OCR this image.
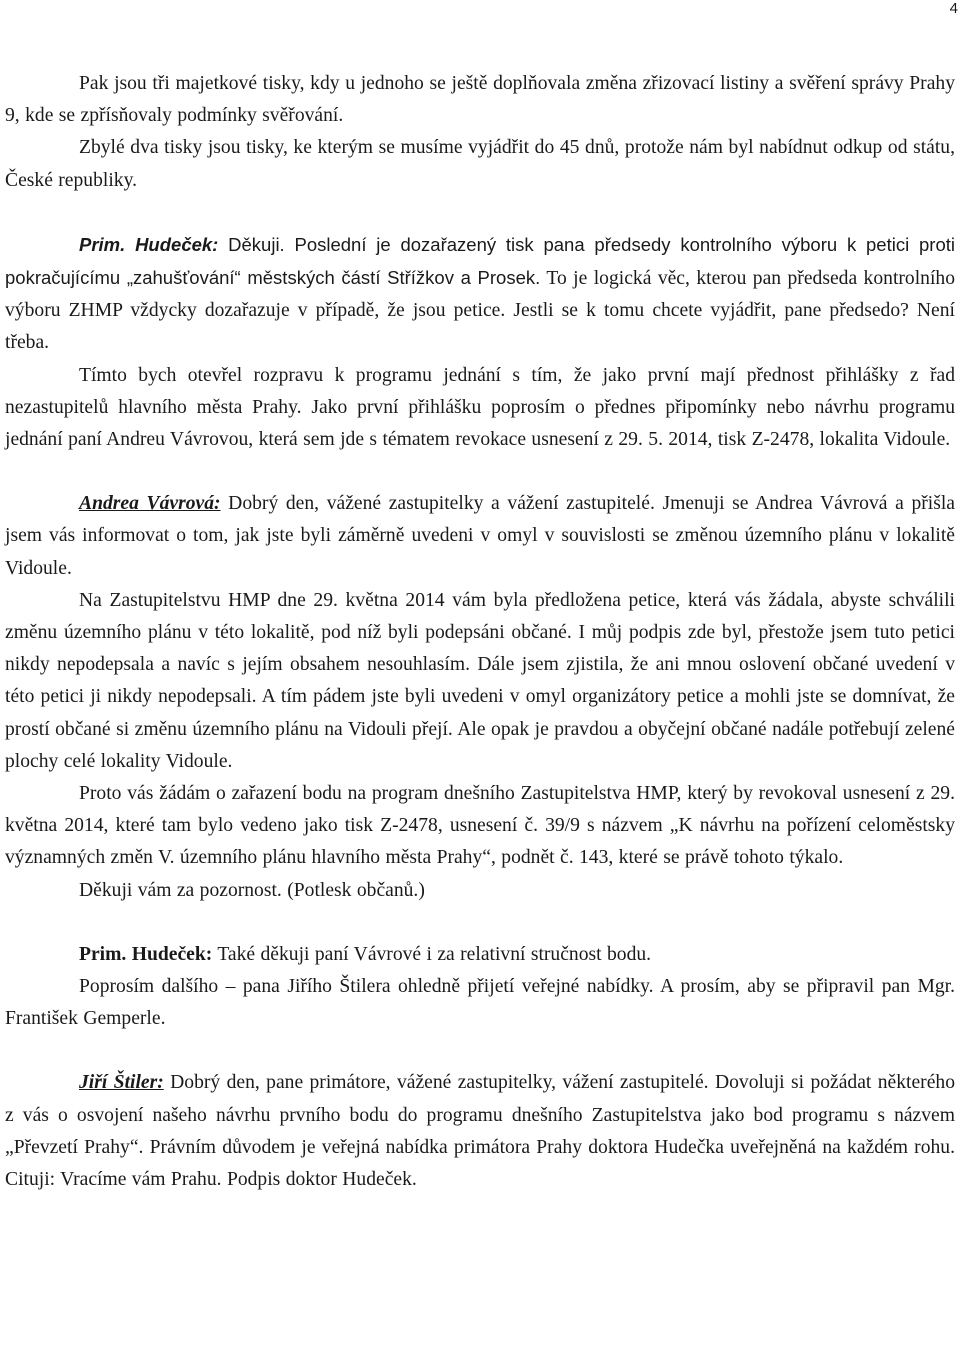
4

Pak jsou tři majetkové tisky, kdy u jednoho se ještě doplňovala změna zřizovací listiny a svěření správy Prahy 9, kde se zpřísňovaly podmínky svěřování.

Zbylé dva tisky jsou tisky, ke kterým se musíme vyjádřit do 45 dnů, protože nám byl nabídnut odkup od státu, České republiky.

Prim. Hudeček: Děkuji. Poslední je dozařazený tisk pana předsedy kontrolního výboru k petici proti pokračujícímu „zahušťování“ městských částí Střížkov a Prosek. To je logická věc, kterou pan předseda kontrolního výboru ZHMP vždycky dozařazuje v případě, že jsou petice. Jestli se k tomu chcete vyjádřit, pane předsedo? Není třeba.

Tímto bych otevřel rozpravu k programu jednání s tím, že jako první mají přednost přihlášky z řad nezastupitelů hlavního města Prahy. Jako první přihlášku poprosím o přednes připomínky nebo návrhu programu jednání paní Andreu Vávrovou, která sem jde s tématem revokace usnesení z 29. 5. 2014, tisk Z-2478, lokalita Vidoule.

Andrea Vávrová: Dobrý den, vážené zastupitelky a vážení zastupitelé. Jmenuji se Andrea Vávrová a přišla jsem vás informovat o tom, jak jste byli záměrně uvedeni v omyl v souvislosti se změnou územního plánu v lokalitě Vidoule.

Na Zastupitelstvu HMP dne 29. května 2014 vám byla předložena petice, která vás žádala, abyste schválili změnu územního plánu v této lokalitě, pod níž byli podepsáni občané. I můj podpis zde byl, přestože jsem tuto petici nikdy nepodepsala a navíc s jejím obsahem nesouhlasím. Dále jsem zjistila, že ani mnou oslovení občané uvedení v této petici ji nikdy nepodepsali. A tím pádem jste byli uvedeni v omyl organizátory petice a mohli jste se domnívat, že prostí občané si změnu územního plánu na Vidouli přejí. Ale opak je pravdou a obyčejní občané nadále potřebují zelené plochy celé lokality Vidoule.

Proto vás žádám o zařazení bodu na program dnešního Zastupitelstva HMP, který by revokoval usnesení z 29. května 2014, které tam bylo vedeno jako tisk Z-2478, usnesení č. 39/9 s názvem „K návrhu na pořízení celoměstsky významných změn V. územního plánu hlavního města Prahy“, podnět č. 143, které se právě tohoto týkalo.

Děkuji vám za pozornost. (Potlesk občanů.)

Prim. Hudeček: Také děkuji paní Vávrové i za relativní stručnost bodu.

Poprosím dalšího – pana Jiřího Štilera ohledně přijetí veřejné nabídky. A prosím, aby se připravil pan Mgr. František Gemperle.

Jiří Štiler: Dobrý den, pane primátore, vážené zastupitelky, vážení zastupitelé. Dovoluji si požádat některého z vás o osvojení našeho návrhu prvního bodu do programu dnešního Zastupitelstva jako bod programu s názvem „Převzetí Prahy“. Právním důvodem je veřejná nabídka primátora Prahy doktora Hudečka uveřejněná na každém rohu. Cituji: Vracíme vám Prahu. Podpis doktor Hudeček.
